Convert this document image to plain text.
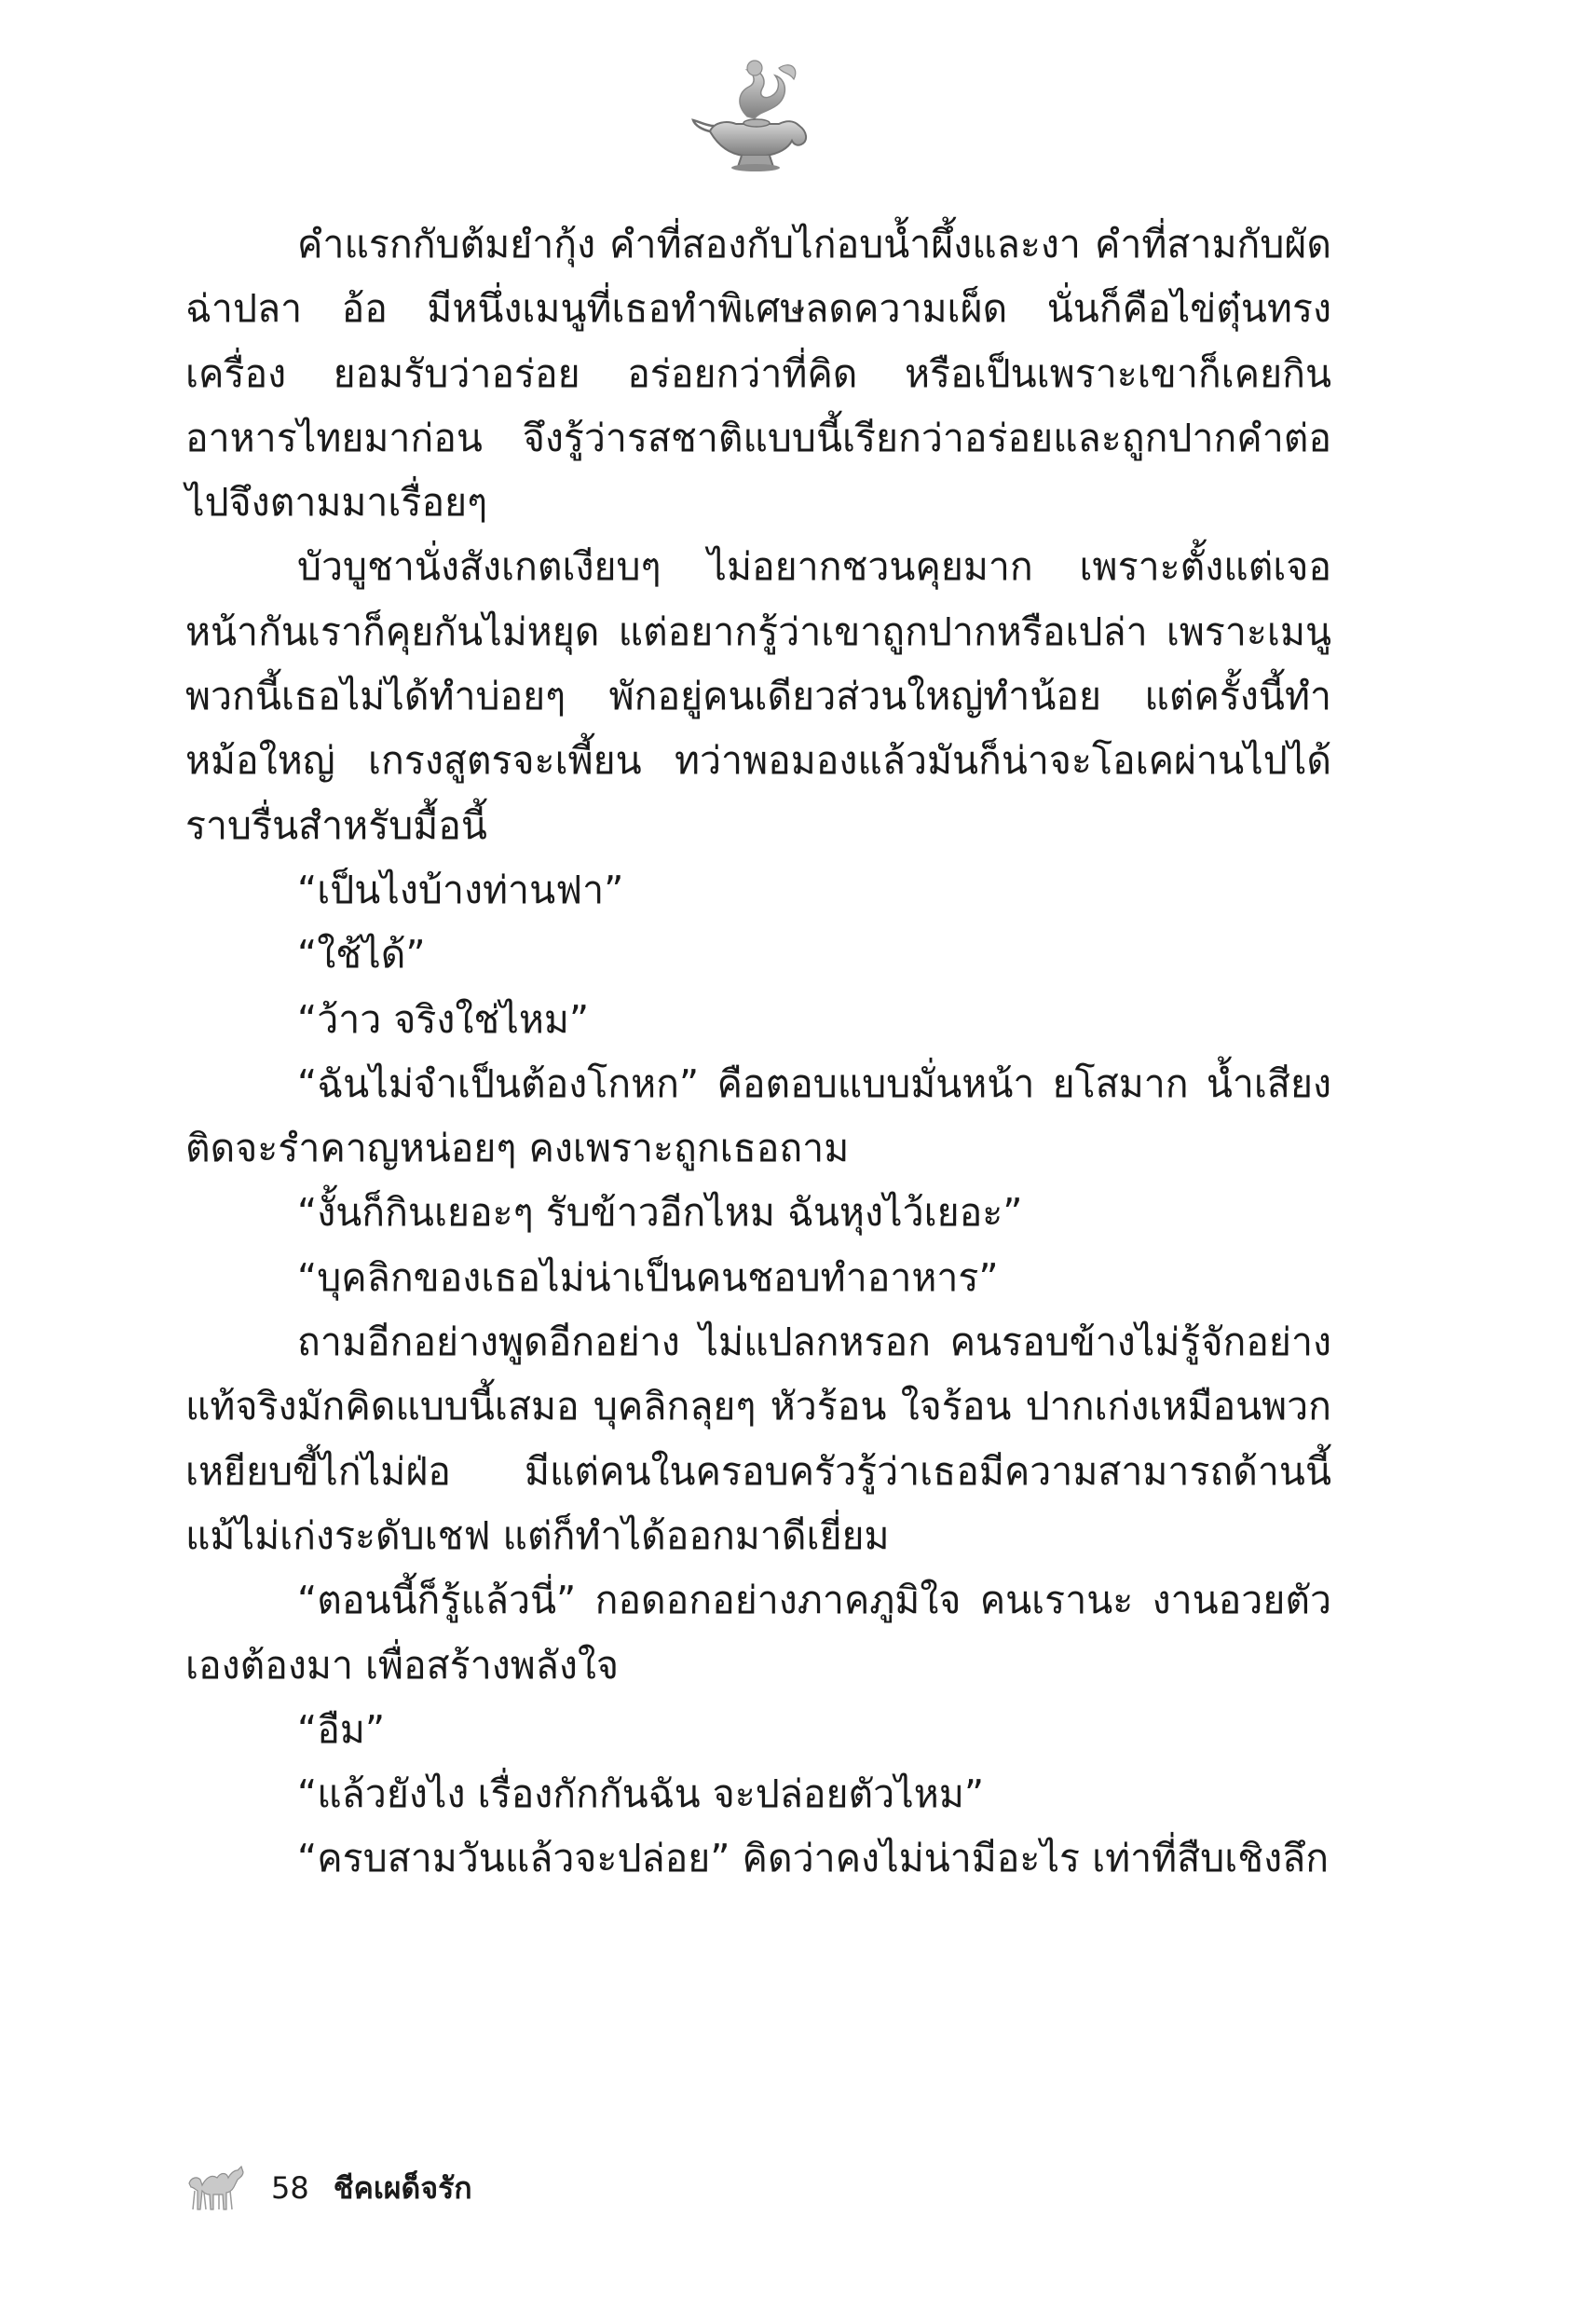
คำแรกกับต้มยำกุ้ง คำที่สองกับไก่อบน้ำผึ้งและงา คำที่สามกับผัดฉ่าปลา อ้อ มีหนึ่งเมนูที่เธอทำพิเศษลดความเผ็ด นั่นก็คือไข่ตุ๋นทรงเครื่อง ยอมรับว่าอร่อย อร่อยกว่าที่คิด หรือเป็นเพราะเขาก็เคยกินอาหารไทยมาก่อน จึงรู้ว่ารสชาติแบบนี้เรียกว่าอร่อยและถูกปากคำต่อไปจึงตามมาเรื่อยๆ

บัวบูชานั่งสังเกตเงียบๆ ไม่อยากชวนคุยมาก เพราะตั้งแต่เจอหน้ากันเราก็คุยกันไม่หยุด แต่อยากรู้ว่าเขาถูกปากหรือเปล่า เพราะเมนูพวกนี้เธอไม่ได้ทำบ่อยๆ พักอยู่คนเดียวส่วนใหญ่ทำน้อย แต่ครั้งนี้ทำหม้อใหญ่ เกรงสูตรจะเพี้ยน ทว่าพอมองแล้วมันก็น่าจะโอเคผ่านไปได้ราบรื่นสำหรับมื้อนี้

“เป็นไงบ้างท่านฟา”

“ใช้ได้”

“ว้าว จริงใช่ไหม”

“ฉันไม่จำเป็นต้องโกหก” คือตอบแบบมั่นหน้า ยโสมาก น้ำเสียงติดจะรำคาญหน่อยๆ คงเพราะถูกเธอถาม

“งั้นก็กินเยอะๆ รับข้าวอีกไหม ฉันหุงไว้เยอะ”

“บุคลิกของเธอไม่น่าเป็นคนชอบทำอาหาร”

ถามอีกอย่างพูดอีกอย่าง ไม่แปลกหรอก คนรอบข้างไม่รู้จักอย่างแท้จริงมักคิดแบบนี้เสมอ บุคลิกลุยๆ หัวร้อน ใจร้อน ปากเก่งเหมือนพวกเหยียบขี้ไก่ไม่ฝ่อ มีแต่คนในครอบครัวรู้ว่าเธอมีความสามารถด้านนี้ แม้ไม่เก่งระดับเชฟ แต่ก็ทำได้ออกมาดีเยี่ยม

“ตอนนี้ก็รู้แล้วนี่” กอดอกอย่างภาคภูมิใจ คนเรานะ งานอวยตัวเองต้องมา เพื่อสร้างพลังใจ

“อืม”

“แล้วยังไง เรื่องกักกันฉัน จะปล่อยตัวไหม”

“ครบสามวันแล้วจะปล่อย” คิดว่าคงไม่น่ามีอะไร เท่าที่สืบเชิงลึก

58 ชีคเผด็จรัก
